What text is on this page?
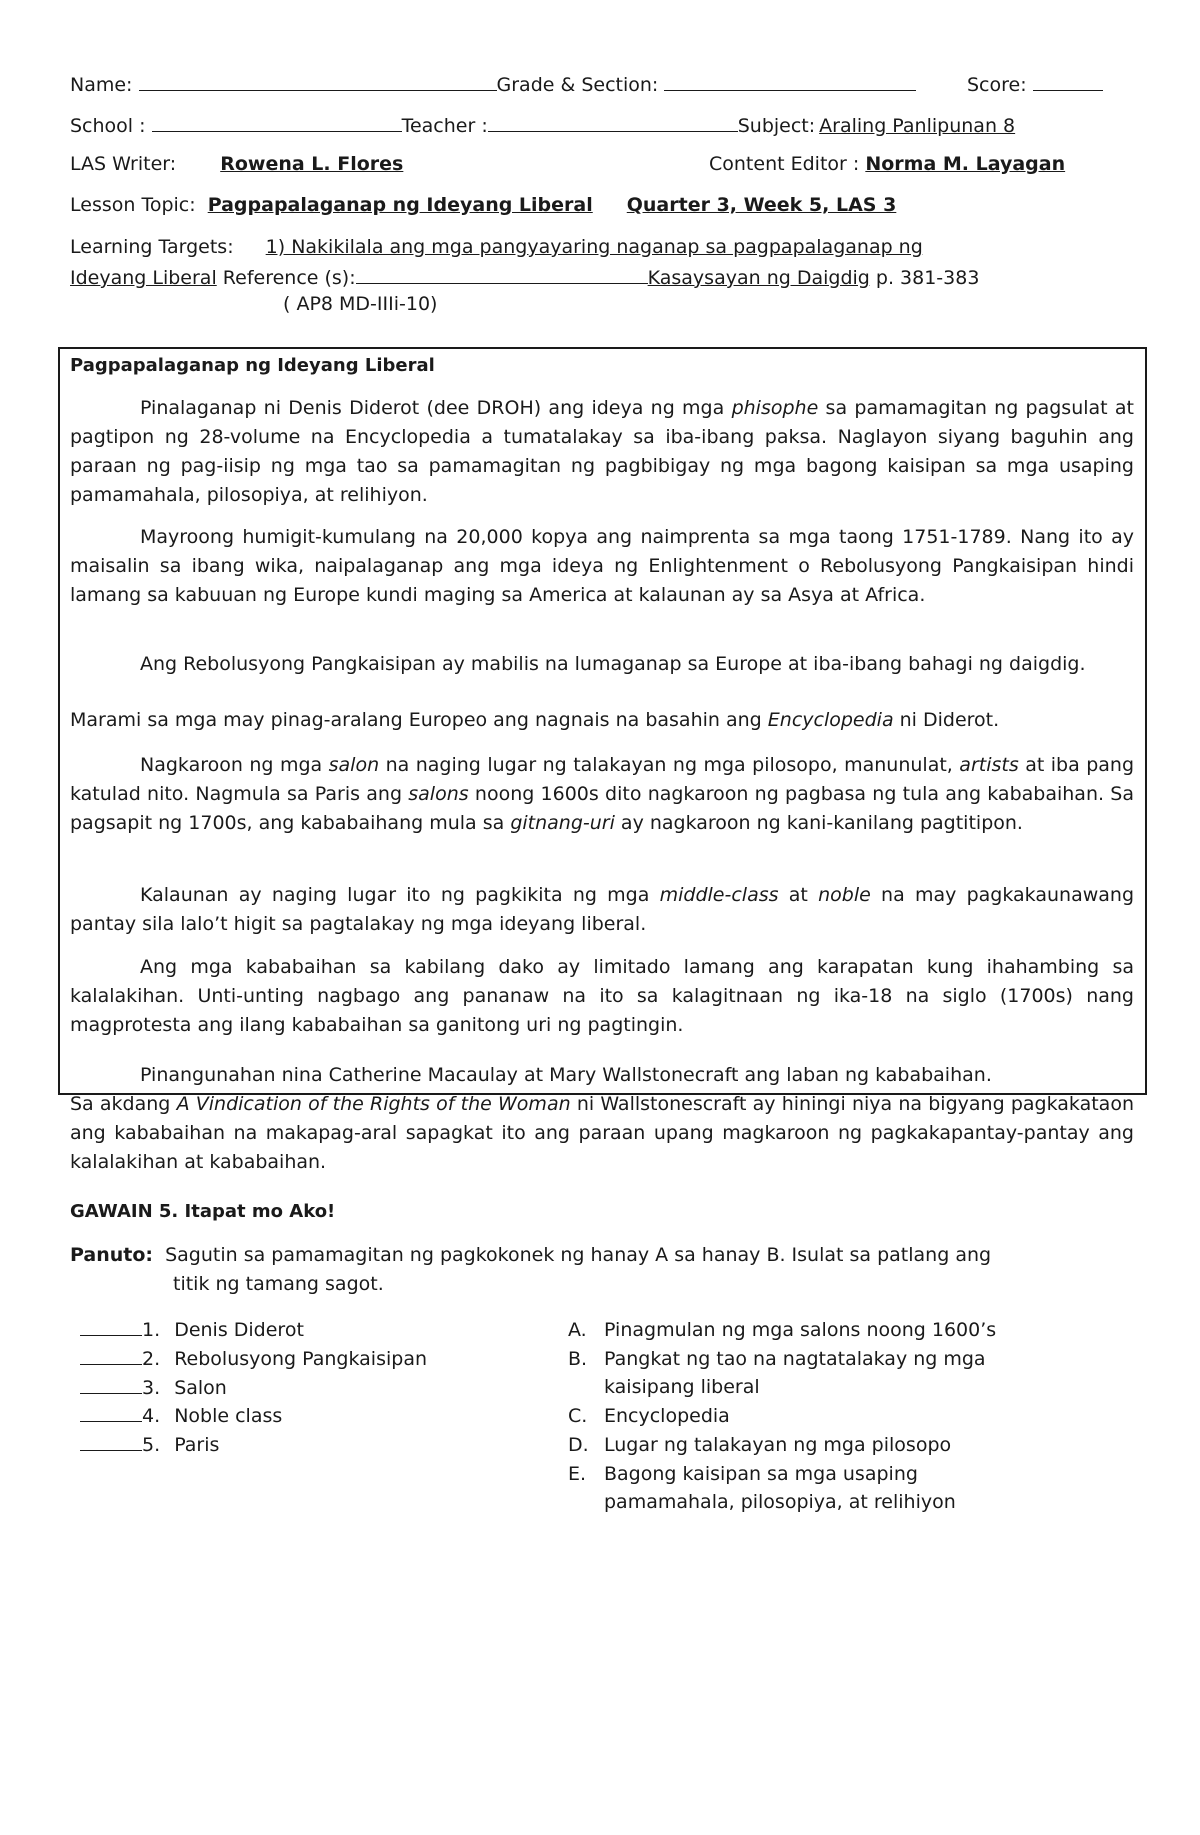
Name:	Grade & Section:	Score:
School :	Teacher :	Subject: Araling Panlipunan 8
LAS Writer: Rowena L. Flores	Content Editor : Norma M. Layagan
Lesson Topic: Pagpapalaganap ng Ideyang Liberal Quarter 3, Week 5, LAS 3
Learning Targets: 1) Nakikilala ang mga pangyayaring naganap sa pagpapalaganap ng
Ideyang Liberal Reference (s):	Kasaysayan ng Daigdig p. 381-383
( AP8 MD-IIIi-10)
Pagpapalaganap ng Ideyang Liberal
Pinalaganap ni Denis Diderot (dee DROH) ang ideya ng mga phisophe sa pamamagitan ng pagsulat at pagtipon ng 28-volume na Encyclopedia a tumatalakay sa iba-ibang paksa. Naglayon siyang baguhin ang paraan ng pag-iisip ng mga tao sa pamamagitan ng pagbibigay ng mga bagong kaisipan sa mga usaping pamamahala, pilosopiya, at relihiyon.
Mayroong humigit-kumulang na 20,000 kopya ang naimprenta sa mga taong 1751-1789. Nang ito ay maisalin sa ibang wika, naipalaganap ang mga ideya ng Enlightenment o Rebolusyong Pangkaisipan hindi lamang sa kabuuan ng Europe kundi maging sa America at kalaunan ay sa Asya at Africa.
Ang Rebolusyong Pangkaisipan ay mabilis na lumaganap sa Europe at iba-ibang bahagi ng daigdig.
Marami sa mga may pinag-aralang Europeo ang nagnais na basahin ang Encyclopedia ni Diderot.
Nagkaroon ng mga salon na naging lugar ng talakayan ng mga pilosopo, manunulat, artists at iba pang katulad nito. Nagmula sa Paris ang salons noong 1600s dito nagkaroon ng pagbasa ng tula ang kababaihan. Sa pagsapit ng 1700s, ang kababaihang mula sa gitnang-uri ay nagkaroon ng kani-kanilang pagtitipon.
Kalaunan ay naging lugar ito ng pagkikita ng mga middle-class at noble na may pagkakaunawang pantay sila lalo’t higit sa pagtalakay ng mga ideyang liberal.
Ang mga kababaihan sa kabilang dako ay limitado lamang ang karapatan kung ihahambing sa kalalakihan. Unti-unting nagbago ang pananaw na ito sa kalagitnaan ng ika-18 na siglo (1700s) nang magprotesta ang ilang kababaihan sa ganitong uri ng pagtingin.
Pinangunahan nina Catherine Macaulay at Mary Wallstonecraft ang laban ng kababaihan.
Sa akdang A Vindication of the Rights of the Woman ni Wallstonescraft ay hiningi niya na bigyang pagkakataon ang kababaihan na makapag-aral sapagkat ito ang paraan upang magkaroon ng pagkakapantay-pantay ang kalalakihan at kababaihan.
GAWAIN 5. Itapat mo Ako!
Panuto: Sagutin sa pamamagitan ng pagkokonek ng hanay A sa hanay B. Isulat sa patlang ang
titik ng tamang sagot.
1. Denis Diderot
2. Rebolusyong Pangkaisipan
3. Salon
4. Noble class
5. Paris
A. Pinagmulan ng mga salons noong 1600’s
B. Pangkat ng tao na nagtatalakay ng mga
kaisipang liberal
C. Encyclopedia
D. Lugar ng talakayan ng mga pilosopo
E. Bagong kaisipan sa mga usaping
pamamahala, pilosopiya, at relihiyon
